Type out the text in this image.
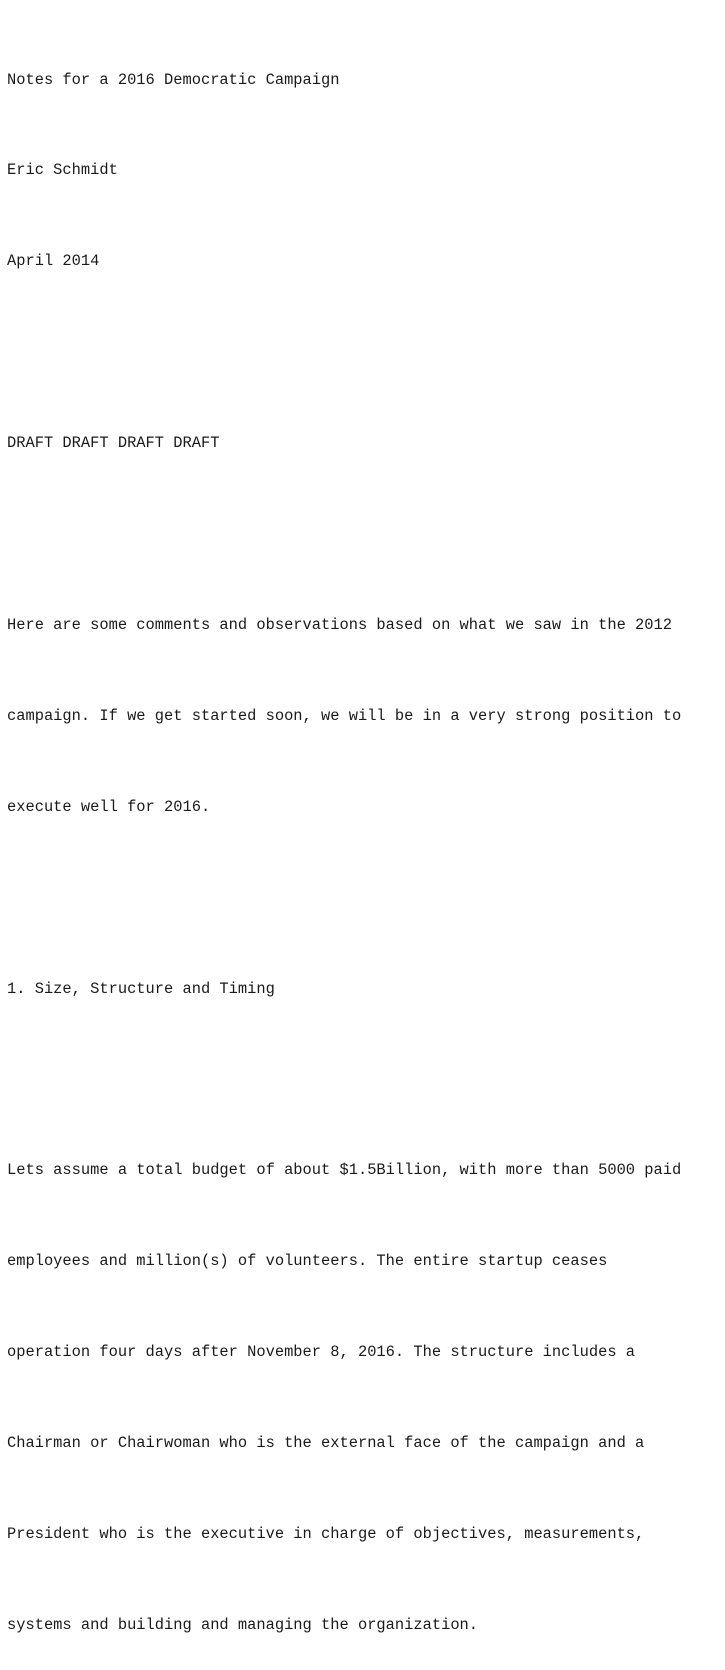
Notes for a 2016 Democratic Campaign

Eric Schmidt

April 2014

DRAFT DRAFT DRAFT DRAFT

Here are some comments and observations based on what we saw in the 2012

campaign. If we get started soon, we will be in a very strong position to

execute well for 2016.

1. Size, Structure and Timing

Lets assume a total budget of about $1.5Billion, with more than 5000 paid

employees and million(s) of volunteers. The entire startup ceases

operation four days after November 8, 2016. The structure includes a

Chairman or Chairwoman who is the external face of the campaign and a

President who is the executive in charge of objectives, measurements,

systems and building and managing the organization.
